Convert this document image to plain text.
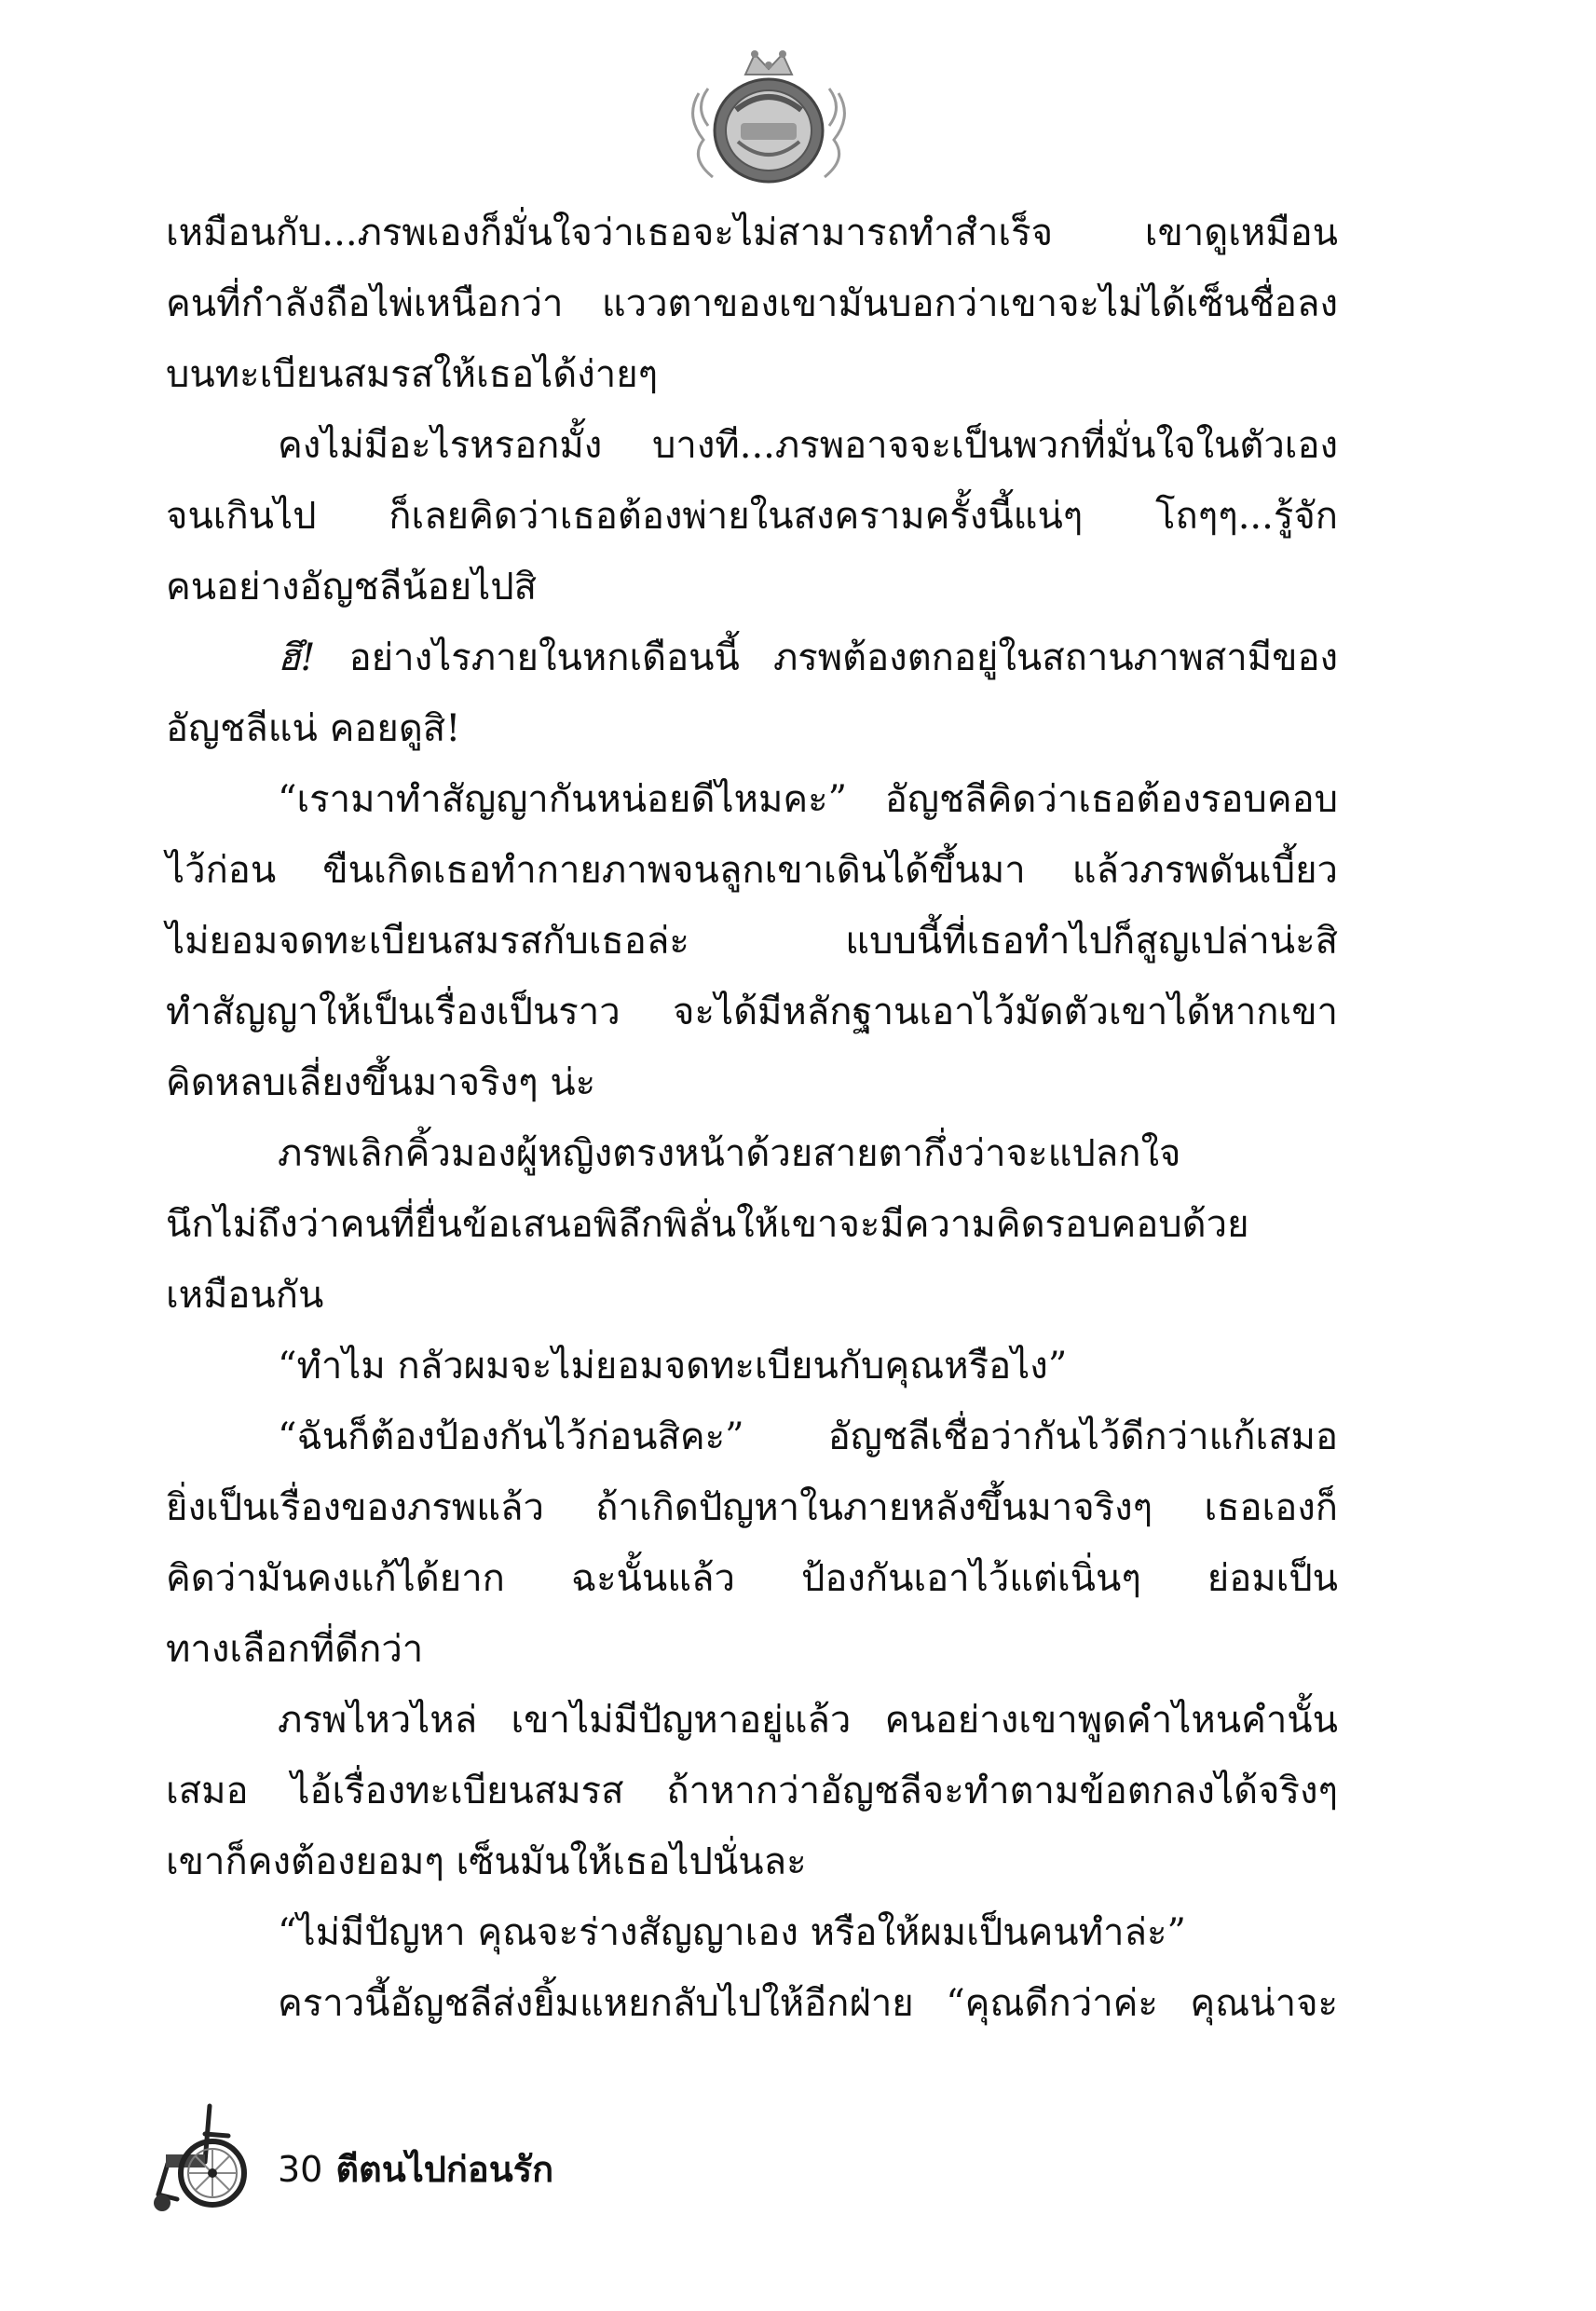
เหมือนกับ...ภรพเองก็มั่นใจว่าเธอจะไม่สามารถทำสำเร็จ เขาดูเหมือน
คนที่กำลังถือไพ่เหนือกว่า แววตาของเขามันบอกว่าเขาจะไม่ได้เซ็นชื่อลง
บนทะเบียนสมรสให้เธอได้ง่ายๆ
คงไม่มีอะไรหรอกมั้ง บางที...ภรพอาจจะเป็นพวกที่มั่นใจในตัวเอง
จนเกินไป ก็เลยคิดว่าเธอต้องพ่ายในสงครามครั้งนี้แน่ๆ โถๆๆ...รู้จัก
คนอย่างอัญชลีน้อยไปสิ
ฮึ! อย่างไรภายในหกเดือนนี้ ภรพต้องตกอยู่ในสถานภาพสามีของ
อัญชลีแน่ คอยดูสิ!
“เรามาทำสัญญากันหน่อยดีไหมคะ” อัญชลีคิดว่าเธอต้องรอบคอบ
ไว้ก่อน ขืนเกิดเธอทำกายภาพจนลูกเขาเดินได้ขึ้นมา แล้วภรพดันเบี้ยว
ไม่ยอมจดทะเบียนสมรสกับเธอล่ะ แบบนี้ที่เธอทำไปก็สูญเปล่าน่ะสิ
ทำสัญญาให้เป็นเรื่องเป็นราว จะได้มีหลักฐานเอาไว้มัดตัวเขาได้หากเขา
คิดหลบเลี่ยงขึ้นมาจริงๆ น่ะ
ภรพเลิกคิ้วมองผู้หญิงตรงหน้าด้วยสายตากึ่งว่าจะแปลกใจ
นึกไม่ถึงว่าคนที่ยื่นข้อเสนอพิลึกพิลั่นให้เขาจะมีความคิดรอบคอบด้วย
เหมือนกัน
“ทำไม กลัวผมจะไม่ยอมจดทะเบียนกับคุณหรือไง”
“ฉันก็ต้องป้องกันไว้ก่อนสิคะ” อัญชลีเชื่อว่ากันไว้ดีกว่าแก้เสมอ
ยิ่งเป็นเรื่องของภรพแล้ว ถ้าเกิดปัญหาในภายหลังขึ้นมาจริงๆ เธอเองก็
คิดว่ามันคงแก้ได้ยาก ฉะนั้นแล้ว ป้องกันเอาไว้แต่เนิ่นๆ ย่อมเป็น
ทางเลือกที่ดีกว่า
ภรพไหวไหล่ เขาไม่มีปัญหาอยู่แล้ว คนอย่างเขาพูดคำไหนคำนั้น
เสมอ ไอ้เรื่องทะเบียนสมรส ถ้าหากว่าอัญชลีจะทำตามข้อตกลงได้จริงๆ
เขาก็คงต้องยอมๆ เซ็นมันให้เธอไปนั่นละ
“ไม่มีปัญหา คุณจะร่างสัญญาเอง หรือให้ผมเป็นคนทำล่ะ”
คราวนี้อัญชลีส่งยิ้มแหยกลับไปให้อีกฝ่าย “คุณดีกว่าค่ะ คุณน่าจะ
30 ตีตนไปก่อนรัก
